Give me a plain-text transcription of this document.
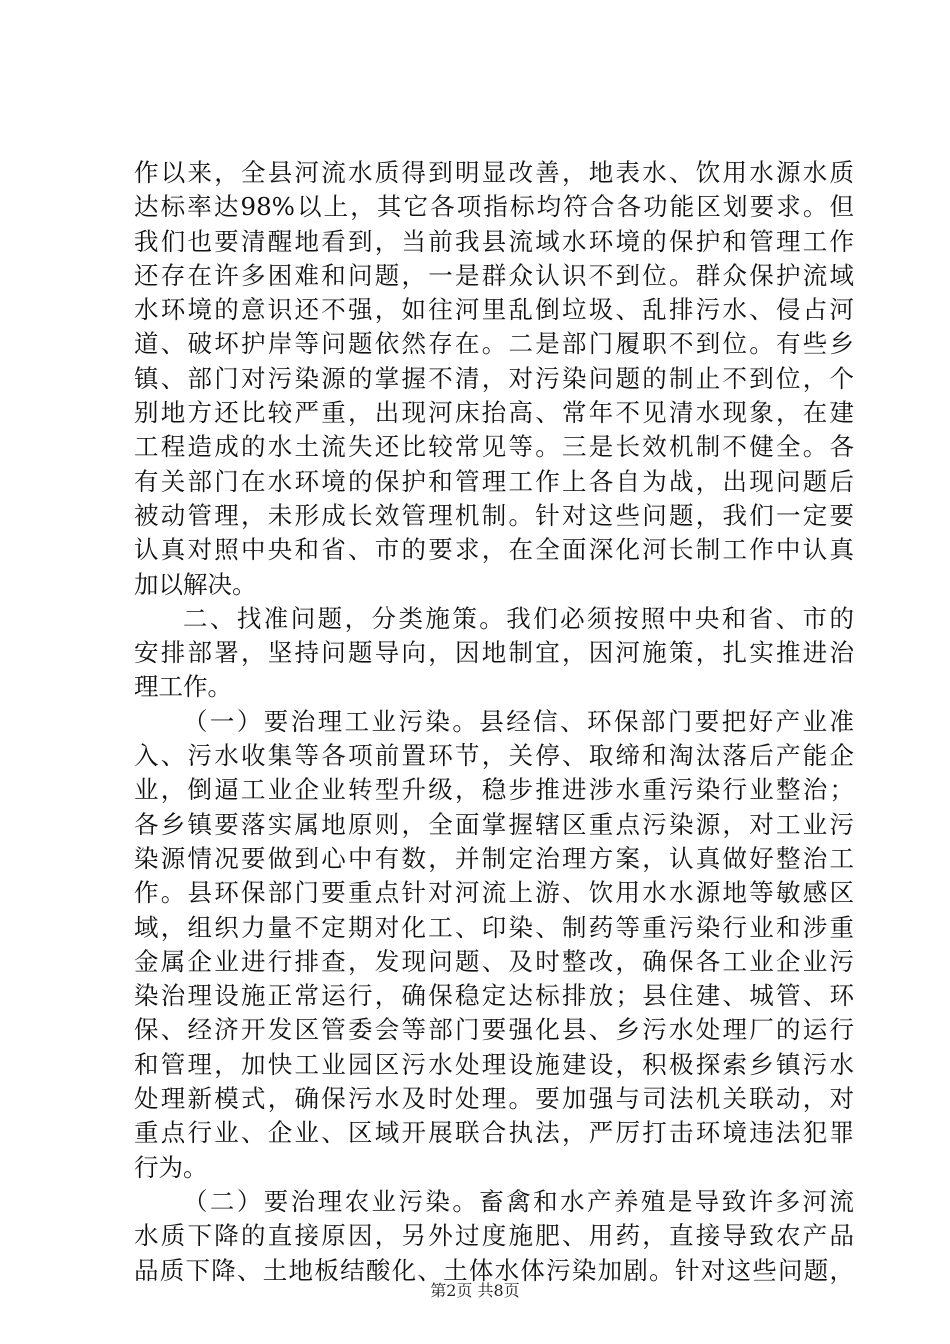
作以来，全县河流水质得到明显改善，地表水、饮用水源水质
达标率达98%以上，其它各项指标均符合各功能区划要求。但
我们也要清醒地看到，当前我县流域水环境的保护和管理工作
还存在许多困难和问题，一是群众认识不到位。群众保护流域
水环境的意识还不强，如往河里乱倒垃圾、乱排污水、侵占河
道、破坏护岸等问题依然存在。二是部门履职不到位。有些乡
镇、部门对污染源的掌握不清，对污染问题的制止不到位，个
别地方还比较严重，出现河床抬高、常年不见清水现象，在建
工程造成的水土流失还比较常见等。三是长效机制不健全。各
有关部门在水环境的保护和管理工作上各自为战，出现问题后
被动管理，未形成长效管理机制。针对这些问题，我们一定要
认真对照中央和省、市的要求，在全面深化河长制工作中认真
加以解决。
二、找准问题，分类施策。我们必须按照中央和省、市的
安排部署，坚持问题导向，因地制宜，因河施策，扎实推进治
理工作。
（一）要治理工业污染。县经信、环保部门要把好产业准
入、污水收集等各项前置环节，关停、取缔和淘汰落后产能企
业，倒逼工业企业转型升级，稳步推进涉水重污染行业整治；
各乡镇要落实属地原则，全面掌握辖区重点污染源，对工业污
染源情况要做到心中有数，并制定治理方案，认真做好整治工
作。县环保部门要重点针对河流上游、饮用水水源地等敏感区
域，组织力量不定期对化工、印染、制药等重污染行业和涉重
金属企业进行排查，发现问题、及时整改，确保各工业企业污
染治理设施正常运行，确保稳定达标排放；县住建、城管、环
保、经济开发区管委会等部门要强化县、乡污水处理厂的运行
和管理，加快工业园区污水处理设施建设，积极探索乡镇污水
处理新模式，确保污水及时处理。要加强与司法机关联动，对
重点行业、企业、区域开展联合执法，严厉打击环境违法犯罪
行为。
（二）要治理农业污染。畜禽和水产养殖是导致许多河流
水质下降的直接原因，另外过度施肥、用药，直接导致农产品
品质下降、土地板结酸化、土体水体污染加剧。针对这些问题，
第2页 共8页
